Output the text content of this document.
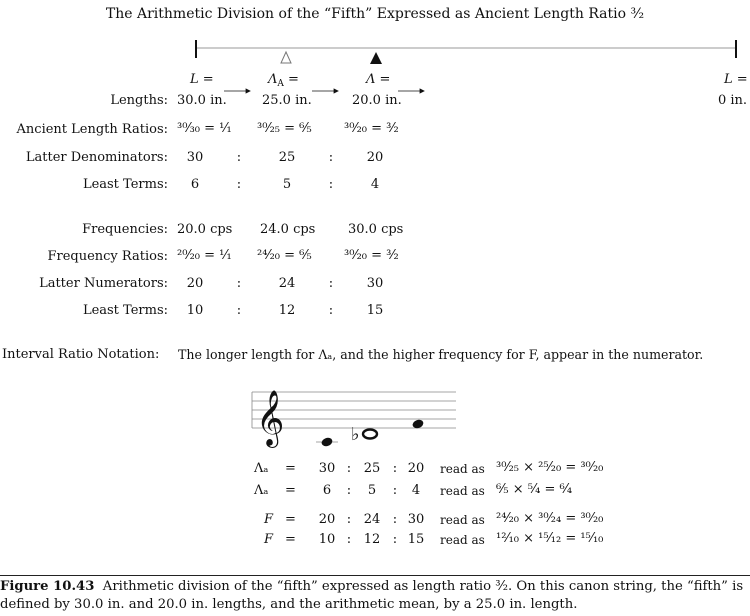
The Arithmetic Division of the “Fifth” Expressed as Ancient Length Ratio ³⁄₂
𝄞	♭
L =	$\Lambda_A$ =	Λ =	L =
Lengths: 30.0 in.	25.0 in.	20.0 in.	0 in.
Ancient Length Ratios: ³⁰⁄₃₀ = ¹⁄₁ ³⁰⁄₂₅ = ⁶⁄₅ ³⁰⁄₂₀ = ³⁄₂
Latter Denominators:	30	:	25	:	20
Least Terms:	6	:	5	:	4
Frequencies: 20.0 cps 24.0 cps	30.0 cps
Frequency Ratios: ²⁰⁄₂₀ = ¹⁄₁ ²⁴⁄₂₀ = ⁶⁄₅ ³⁰⁄₂₀ = ³⁄₂
Latter Numerators:	20	:	24	:	30
Least Terms:	10	:	12	:	15
Interval Ratio Notation: The longer length for Λₐ, and the higher frequency for F, appear in the numerator.
Λₐ =	30 : 25 : 20	read as ³⁰⁄₂₅ × ²⁵⁄₂₀ = ³⁰⁄₂₀
Λₐ =	6	:	5	:	4	read as ⁶⁄₅ × ⁵⁄₄ = ⁶⁄₄
F =	20 : 24 : 30	read as ²⁴⁄₂₀ × ³⁰⁄₂₄ = ³⁰⁄₂₀
F =	10 : 12 : 15	read as ¹²⁄₁₀ × ¹⁵⁄₁₂ = ¹⁵⁄₁₀
Figure 10.43 Arithmetic division of the “fifth” expressed as length ratio ³⁄₂. On this canon string, the “fifth” is defined by 30.0 in. and 20.0 in. lengths, and the arithmetic mean, by a 25.0 in. length.
